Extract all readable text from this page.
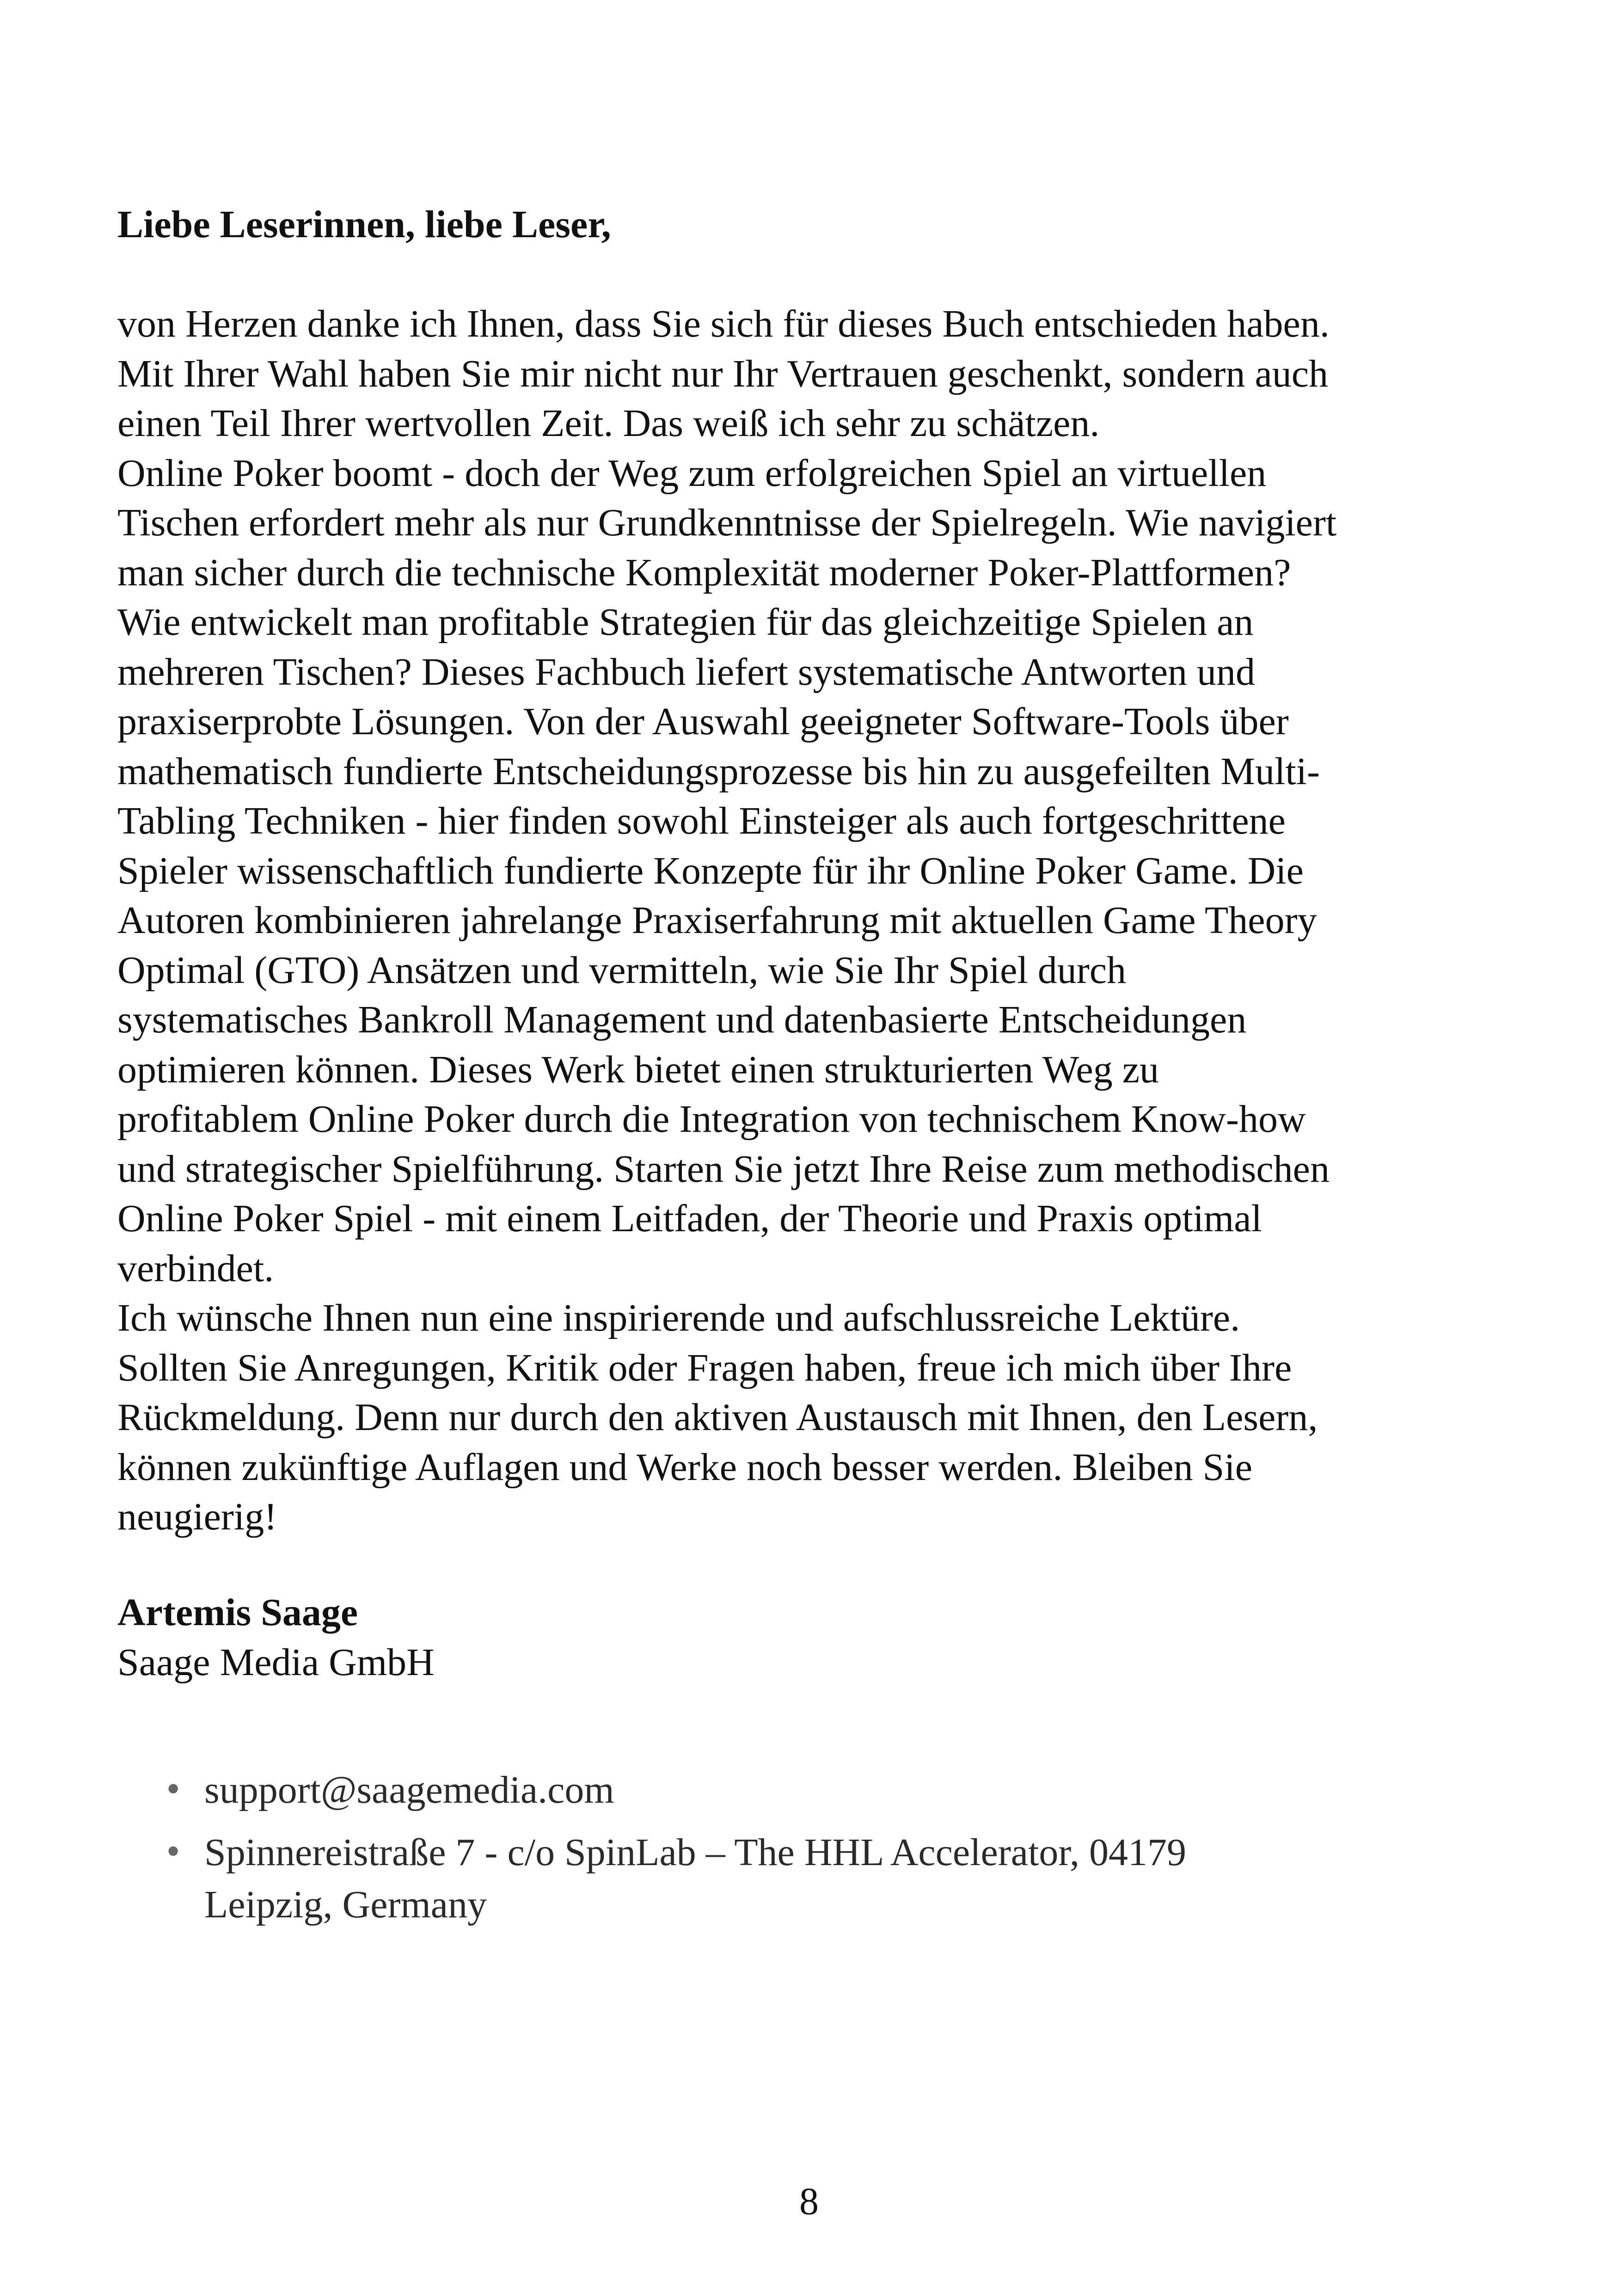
Liebe Leserinnen, liebe Leser,

von Herzen danke ich Ihnen, dass Sie sich für dieses Buch entschieden haben.
Mit Ihrer Wahl haben Sie mir nicht nur Ihr Vertrauen geschenkt, sondern auch
einen Teil Ihrer wertvollen Zeit. Das weiß ich sehr zu schätzen.
Online Poker boomt - doch der Weg zum erfolgreichen Spiel an virtuellen
Tischen erfordert mehr als nur Grundkenntnisse der Spielregeln. Wie navigiert
man sicher durch die technische Komplexität moderner Poker-Plattformen?
Wie entwickelt man profitable Strategien für das gleichzeitige Spielen an
mehreren Tischen? Dieses Fachbuch liefert systematische Antworten und
praxiserprobte Lösungen. Von der Auswahl geeigneter Software-Tools über
mathematisch fundierte Entscheidungsprozesse bis hin zu ausgefeilten Multi-
Tabling Techniken - hier finden sowohl Einsteiger als auch fortgeschrittene
Spieler wissenschaftlich fundierte Konzepte für ihr Online Poker Game. Die
Autoren kombinieren jahrelange Praxiserfahrung mit aktuellen Game Theory
Optimal (GTO) Ansätzen und vermitteln, wie Sie Ihr Spiel durch
systematisches Bankroll Management und datenbasierte Entscheidungen
optimieren können. Dieses Werk bietet einen strukturierten Weg zu
profitablem Online Poker durch die Integration von technischem Know-how
und strategischer Spielführung. Starten Sie jetzt Ihre Reise zum methodischen
Online Poker Spiel - mit einem Leitfaden, der Theorie und Praxis optimal
verbindet.
Ich wünsche Ihnen nun eine inspirierende und aufschlussreiche Lektüre.
Sollten Sie Anregungen, Kritik oder Fragen haben, freue ich mich über Ihre
Rückmeldung. Denn nur durch den aktiven Austausch mit Ihnen, den Lesern,
können zukünftige Auflagen und Werke noch besser werden. Bleiben Sie
neugierig!

Artemis Saage
Saage Media GmbH

• support@saagemedia.com
• Spinnereistraße 7 - c/o SpinLab – The HHL Accelerator, 04179
Leipzig, Germany

8
